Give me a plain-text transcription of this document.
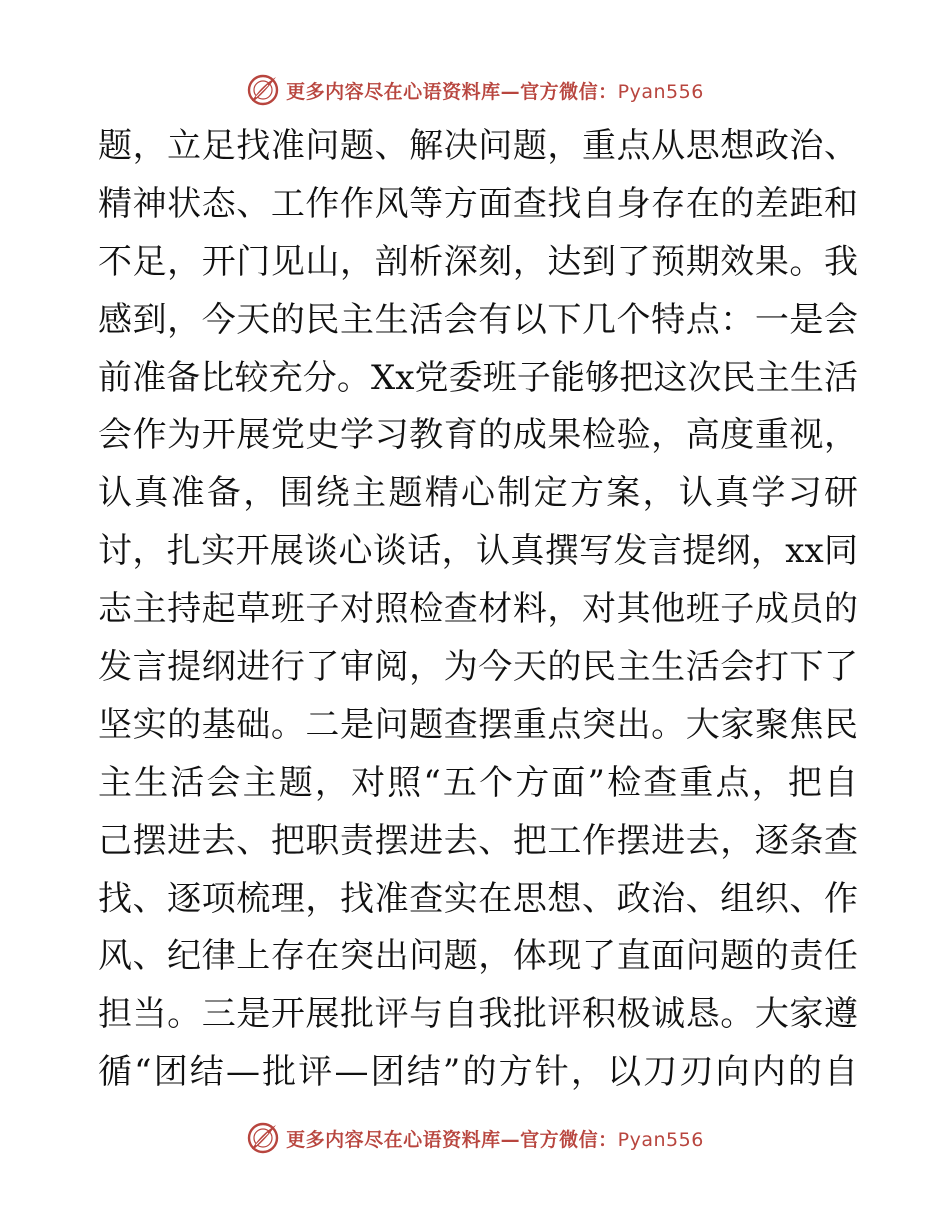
更多内容尽在心语资料库—官方微信：Pyan556
题，立足找准问题、解决问题，重点从思想政治、
精神状态、工作作风等方面查找自身存在的差距和
不足，开门见山，剖析深刻，达到了预期效果。我
感到，今天的民主生活会有以下几个特点：一是会
前准备比较充分。Xx党委班子能够把这次民主生活
会作为开展党史学习教育的成果检验，高度重视，
认真准备，围绕主题精心制定方案，认真学习研
讨，扎实开展谈心谈话，认真撰写发言提纲，xx同
志主持起草班子对照检查材料，对其他班子成员的
发言提纲进行了审阅，为今天的民主生活会打下了
坚实的基础。二是问题查摆重点突出。大家聚焦民
主生活会主题，对照“五个方面”检查重点，把自
己摆进去、把职责摆进去、把工作摆进去，逐条查
找、逐项梳理，找准查实在思想、政治、组织、作
风、纪律上存在突出问题，体现了直面问题的责任
担当。三是开展批评与自我批评积极诚恳。大家遵
循“团结—批评—团结”的方针，以刀刃向内的自
更多内容尽在心语资料库—官方微信：Pyan556
